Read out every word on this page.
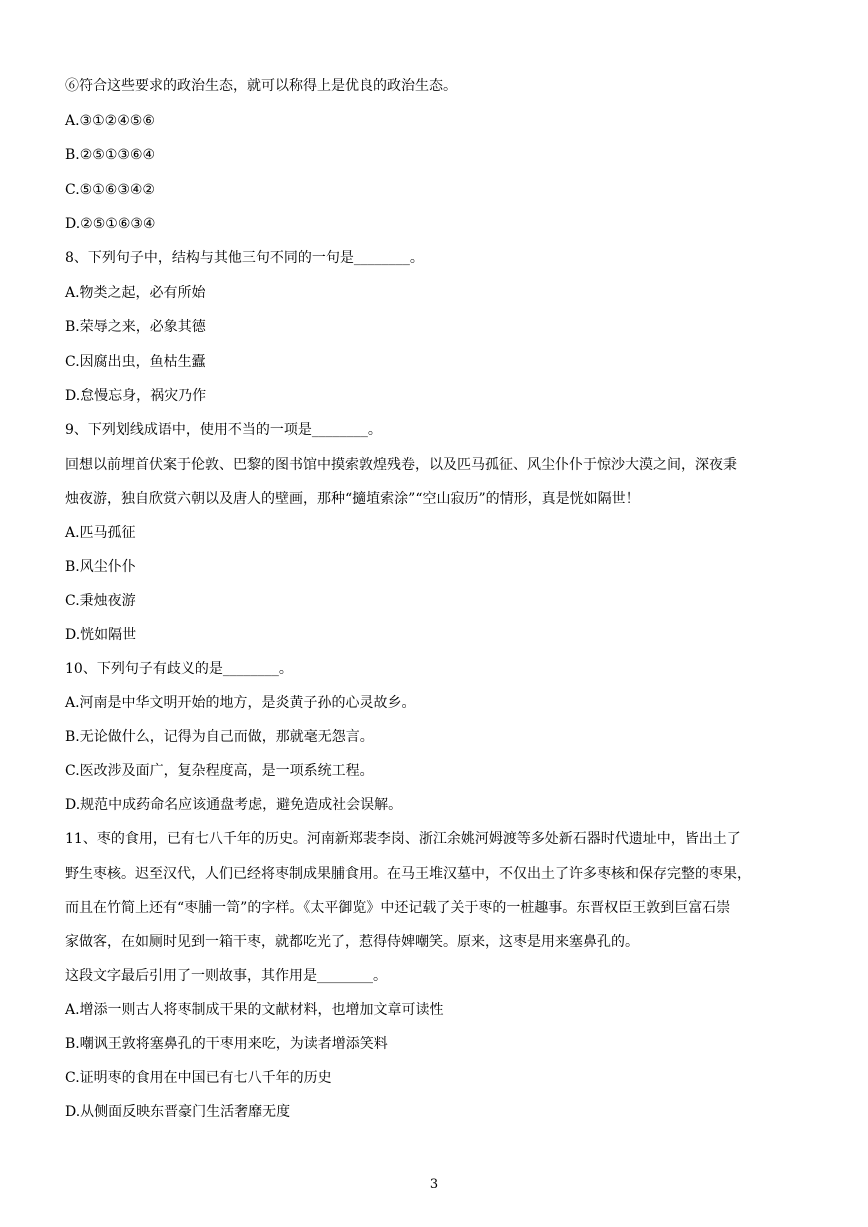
⑥符合这些要求的政治生态，就可以称得上是优良的政治生态。
A.③①②④⑤⑥
B.②⑤①③⑥④
C.⑤①⑥③④②
D.②⑤①⑥③④
8、下列句子中，结构与其他三句不同的一句是________。
A.物类之起，必有所始
B.荣辱之来，必象其德
C.因腐出虫，鱼枯生蠹
D.怠慢忘身，祸灾乃作
9、下列划线成语中，使用不当的一项是________。
回想以前埋首伏案于伦敦、巴黎的图书馆中摸索敦煌残卷，以及匹马孤征、风尘仆仆于惊沙大漠之间，深夜秉
烛夜游，独自欣赏六朝以及唐人的壁画，那种“擿埴索涂”“空山寂历”的情形，真是恍如隔世！
A.匹马孤征
B.风尘仆仆
C.秉烛夜游
D.恍如隔世
10、下列句子有歧义的是________。
A.河南是中华文明开始的地方，是炎黄子孙的心灵故乡。
B.无论做什么，记得为自己而做，那就毫无怨言。
C.医改涉及面广，复杂程度高，是一项系统工程。
D.规范中成药命名应该通盘考虑，避免造成社会误解。
11、枣的食用，已有七八千年的历史。河南新郑裴李岗、浙江余姚河姆渡等多处新石器时代遗址中，皆出土了
野生枣核。迟至汉代，人们已经将枣制成果脯食用。在马王堆汉墓中，不仅出土了许多枣核和保存完整的枣果，
而且在竹简上还有“枣脯一笥”的字样。《太平御览》中还记载了关于枣的一桩趣事。东晋权臣王敦到巨富石崇
家做客，在如厕时见到一箱干枣，就都吃光了，惹得侍婢嘲笑。原来，这枣是用来塞鼻孔的。
这段文字最后引用了一则故事，其作用是________。
A.增添一则古人将枣制成干果的文献材料，也增加文章可读性
B.嘲讽王敦将塞鼻孔的干枣用来吃，为读者增添笑料
C.证明枣的食用在中国已有七八千年的历史
D.从侧面反映东晋豪门生活奢靡无度
3
